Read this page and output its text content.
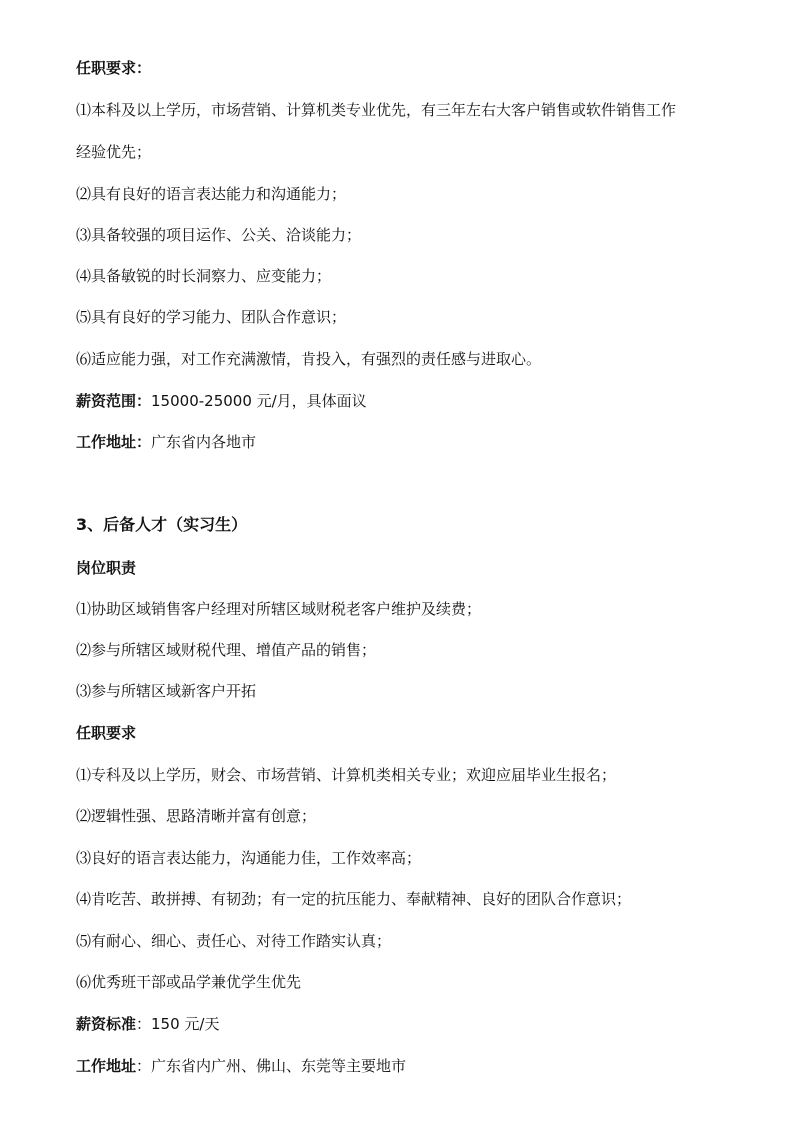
任职要求：
⑴本科及以上学历，市场营销、计算机类专业优先，有三年左右大客户销售或软件销售工作
经验优先；
⑵具有良好的语言表达能力和沟通能力；
⑶具备较强的项目运作、公关、洽谈能力；
⑷具备敏锐的时长洞察力、应变能力；
⑸具有良好的学习能力、团队合作意识；
⑹适应能力强，对工作充满激情，肯投入，有强烈的责任感与进取心。
薪资范围：15000-25000 元/月，具体面议
工作地址：广东省内各地市
3、后备人才（实习生）
岗位职责
⑴协助区域销售客户经理对所辖区域财税老客户维护及续费；
⑵参与所辖区域财税代理、增值产品的销售；
⑶参与所辖区域新客户开拓
任职要求
⑴专科及以上学历，财会、市场营销、计算机类相关专业；欢迎应届毕业生报名；
⑵逻辑性强、思路清晰并富有创意；
⑶良好的语言表达能力，沟通能力佳，工作效率高；
⑷肯吃苦、敢拼搏、有韧劲；有一定的抗压能力、奉献精神、良好的团队合作意识；
⑸有耐心、细心、责任心、对待工作踏实认真；
⑹优秀班干部或品学兼优学生优先
薪资标准：150 元/天
工作地址：广东省内广州、佛山、东莞等主要地市
